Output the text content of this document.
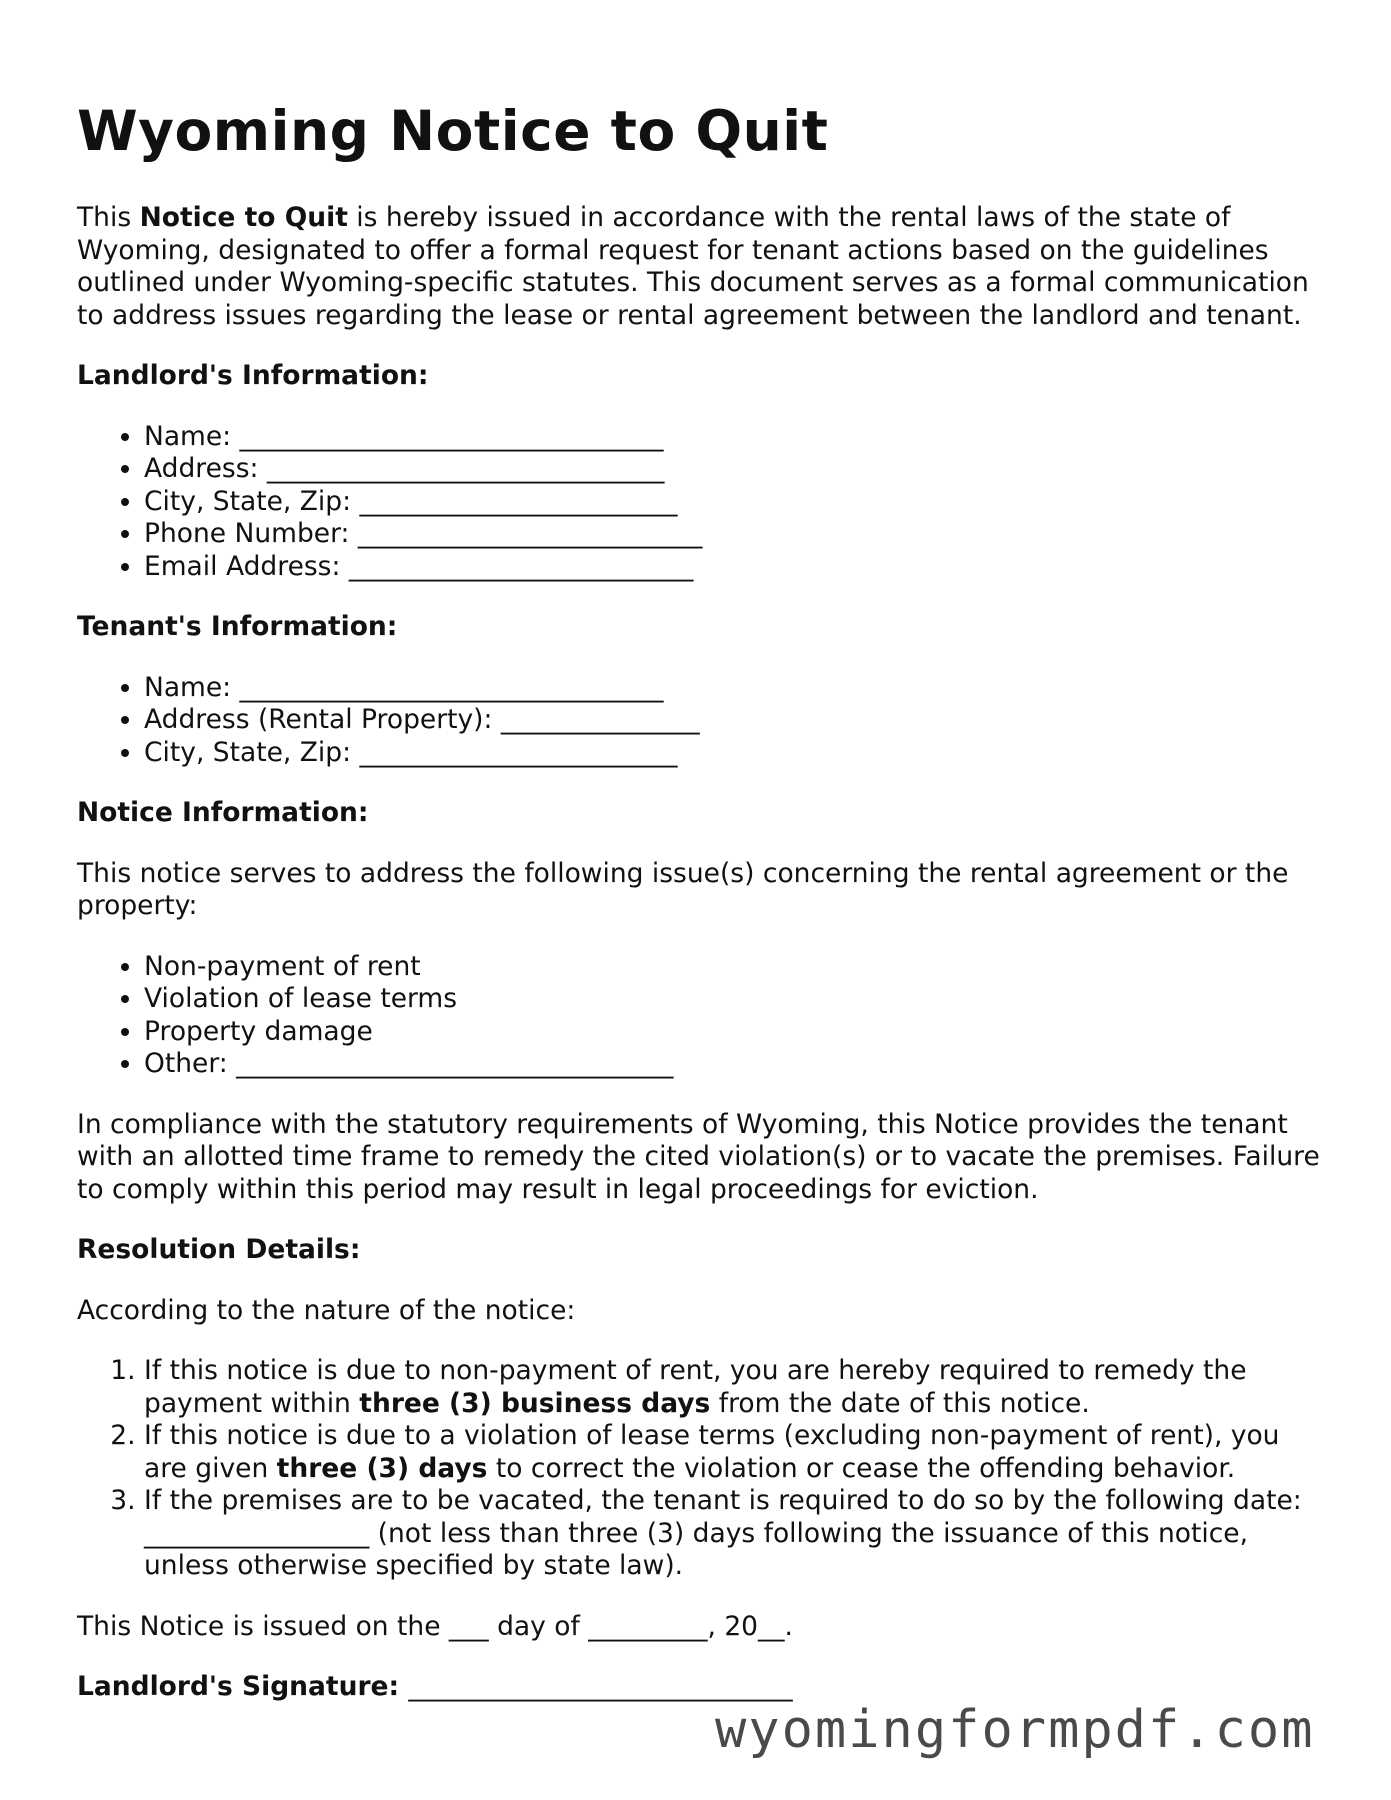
Wyoming Notice to Quit

This Notice to Quit is hereby issued in accordance with the rental laws of the state of Wyoming, designated to offer a formal request for tenant actions based on the guidelines outlined under Wyoming-specific statutes. This document serves as a formal communication to address issues regarding the lease or rental agreement between the landlord and tenant.

Landlord's Information:
• Name: ________________________________
• Address: ______________________________
• City, State, Zip: ________________________
• Phone Number: __________________________
• Email Address: __________________________
Tenant's Information:
• Name: ________________________________
• Address (Rental Property): _______________
• City, State, Zip: ________________________
Notice Information:

This notice serves to address the following issue(s) concerning the rental agreement or the property:

• Non-payment of rent
• Violation of lease terms
• Property damage
• Other: _________________________________

In compliance with the statutory requirements of Wyoming, this Notice provides the tenant with an allotted time frame to remedy the cited violation(s) or to vacate the premises. Failure to comply within this period may result in legal proceedings for eviction.

Resolution Details:

According to the nature of the notice:

1. If this notice is due to non-payment of rent, you are hereby required to remedy the payment within three (3) business days from the date of this notice.
2. If this notice is due to a violation of lease terms (excluding non-payment of rent), you are given three (3) days to correct the violation or cease the offending behavior.
3. If the premises are to be vacated, the tenant is required to do so by the following date: _________________ (not less than three (3) days following the issuance of this notice, unless otherwise specified by state law).

This Notice is issued on the ___ day of _________, 20__.

Landlord's Signature: _____________________________

wyomingformpdf.com
